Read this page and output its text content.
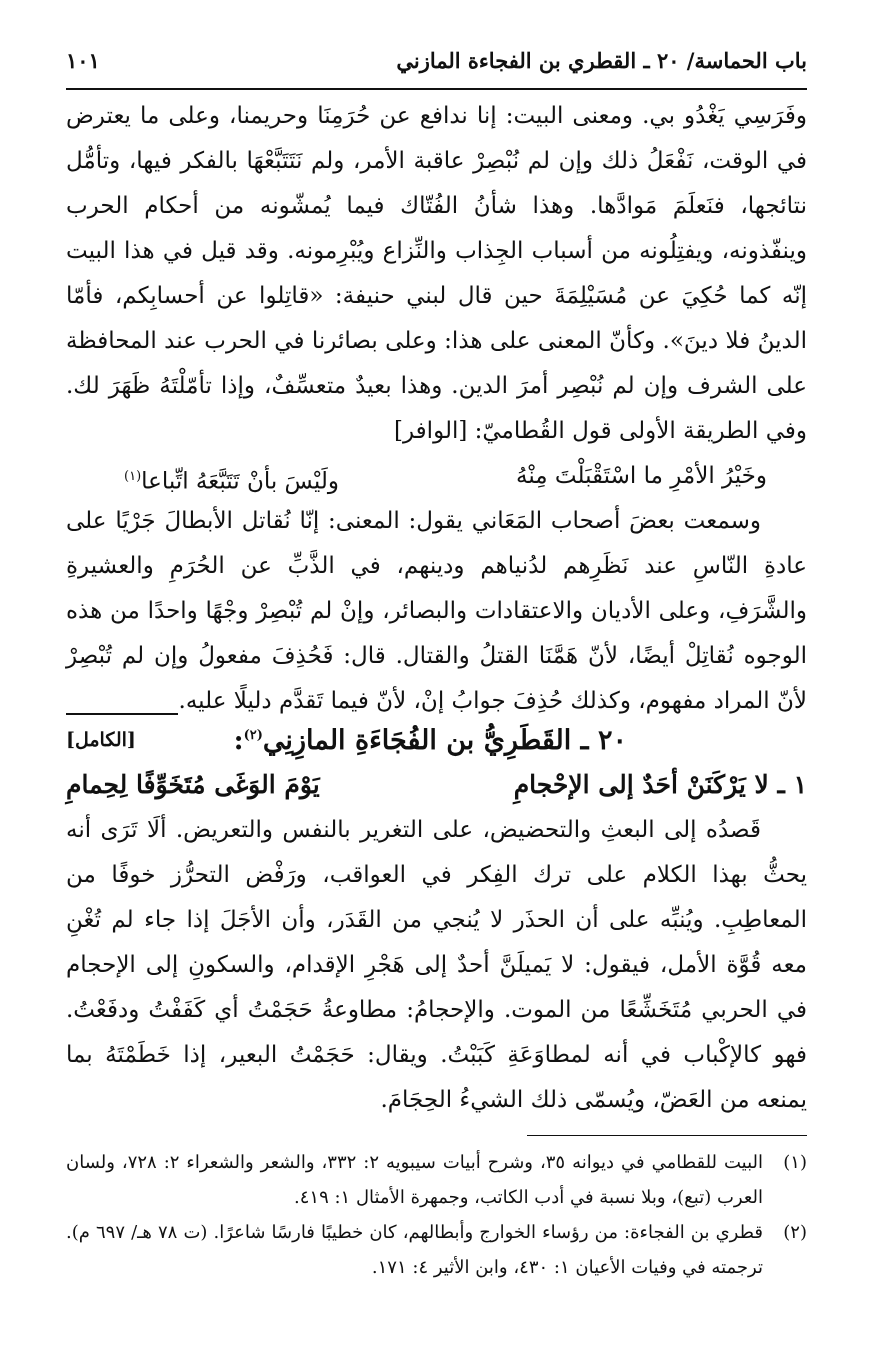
باب الحماسة/ ٢٠ ـ القطري بن الفجاءة المازني
١٠١

وفَرَسِي يَغْدُو بي. ومعنى البيت: إنا ندافع عن حُرَمِنَا وحريمنا، وعلى ما يعترض في الوقت، نَفْعَلُ ذلك وإن لم نُبْصِرْ عاقبة الأمر، ولم نَتَتَبَّعْهَا بالفكر فيها، وتأمُّل نتائجها، فنَعلَمَ مَوادَّها. وهذا شأنُ الفُتّاك فيما يُمشّونه من أحكام الحرب وينفّذونه، ويفتِلُونه من أسباب الجِذاب والنِّزاع ويُبْرِمونه. وقد قيل في هذا البيت إنّه كما حُكِيَ عن مُسَيْلِمَةَ حين قال لبني حنيفة: «قاتِلوا عن أحسابِكم، فأمّا الدينُ فلا دينَ». وكأنّ المعنى على هذا: وعلى بصائرنا في الحرب عند المحافظة على الشرف وإن لم نُبْصِر أمرَ الدين. وهذا بعيدٌ متعسِّفٌ، وإذا تأمّلْتَهُ ظَهَرَ لك. وفي الطريقة الأولى قول القُطاميّ: [الوافر]

وخَيْرُ الأمْرِ ما اسْتَقْبَلْتَ مِنْهُ
ولَيْسَ بأنْ تَتَبَّعَهُ اتِّباعا$^{(١)}$

وسمعت بعضَ أصحاب المَعَاني يقول: المعنى: إنّا نُقاتل الأبطالَ جَرْيًا على عادةِ النّاسِ عند نَظَرِهم لدُنياهم ودينهم، في الذَّبِّ عن الحُرَمِ والعشيرةِ والشَّرَفِ، وعلى الأديان والاعتقادات والبصائر، وإنْ لم تُبْصِرْ وجْهًا واحدًا من هذه الوجوه نُقاتِلْ أيضًا، لأنّ هَمَّنَا القتلُ والقتال. قال: فَحُذِفَ مفعولُ وإن لم تُبْصِرْ لأنّ المراد مفهوم، وكذلك حُذِفَ جوابُ إنْ، لأنّ فيما تَقدَّم دليلًا عليه.

٢٠ ـ القَطَرِيُّ بن الفُجَاءَةِ المازِنِي$^{(٢)}$:
[الكامل]
١ ـ لا يَرْكَنَنْ أحَدٌ إلى الإحْجامِ
يَوْمَ الوَغَى مُتَخَوِّفًا لِحِمامِ

قَصدُه إلى البعثِ والتحضيض، على التغرير بالنفس والتعريض. ألَا تَرَى أنه يحثُّ بهذا الكلام على ترك الفِكر في العواقب، ورَفْض التحرُّز خوفًا من المعاطِبِ. ويُنبِّه على أن الحذَر لا يُنجي من القَدَر، وأن الأجَلَ إذا جاء لم تُغْنِ معه قُوَّة الأمل، فيقول: لا يَميلَنَّ أحدٌ إلى هَجْرِ الإقدام، والسكونِ إلى الإحجام في الحربي مُتَخَشِّعًا من الموت. والإحجامُ: مطاوعةُ حَجَمْتُ أي كَفَفْتُ ودفَعْتُ. فهو كالإكْباب في أنه لمطاوَعَةِ كَبَبْتُ. ويقال: حَجَمْتُ البعير، إذا خَطَمْتَهُ بما يمنعه من العَضّ، ويُسمّى ذلك الشيءُ الحِجَامَ.

(١)
البيت للقطامي في ديوانه ٣٥، وشرح أبيات سيبويه ٢: ٣٣٢، والشعر والشعراء ٢: ٧٢٨، ولسان العرب (تبع)، وبلا نسبة في أدب الكاتب، وجمهرة الأمثال ١: ٤١٩.
(٢)
قطري بن الفجاءة: من رؤساء الخوارج وأبطالهم، كان خطيبًا فارسًا شاعرًا. (ت ٧٨ هـ/ ٦٩٧ م). ترجمته في وفيات الأعيان ١: ٤٣٠، وابن الأثير ٤: ١٧١.
